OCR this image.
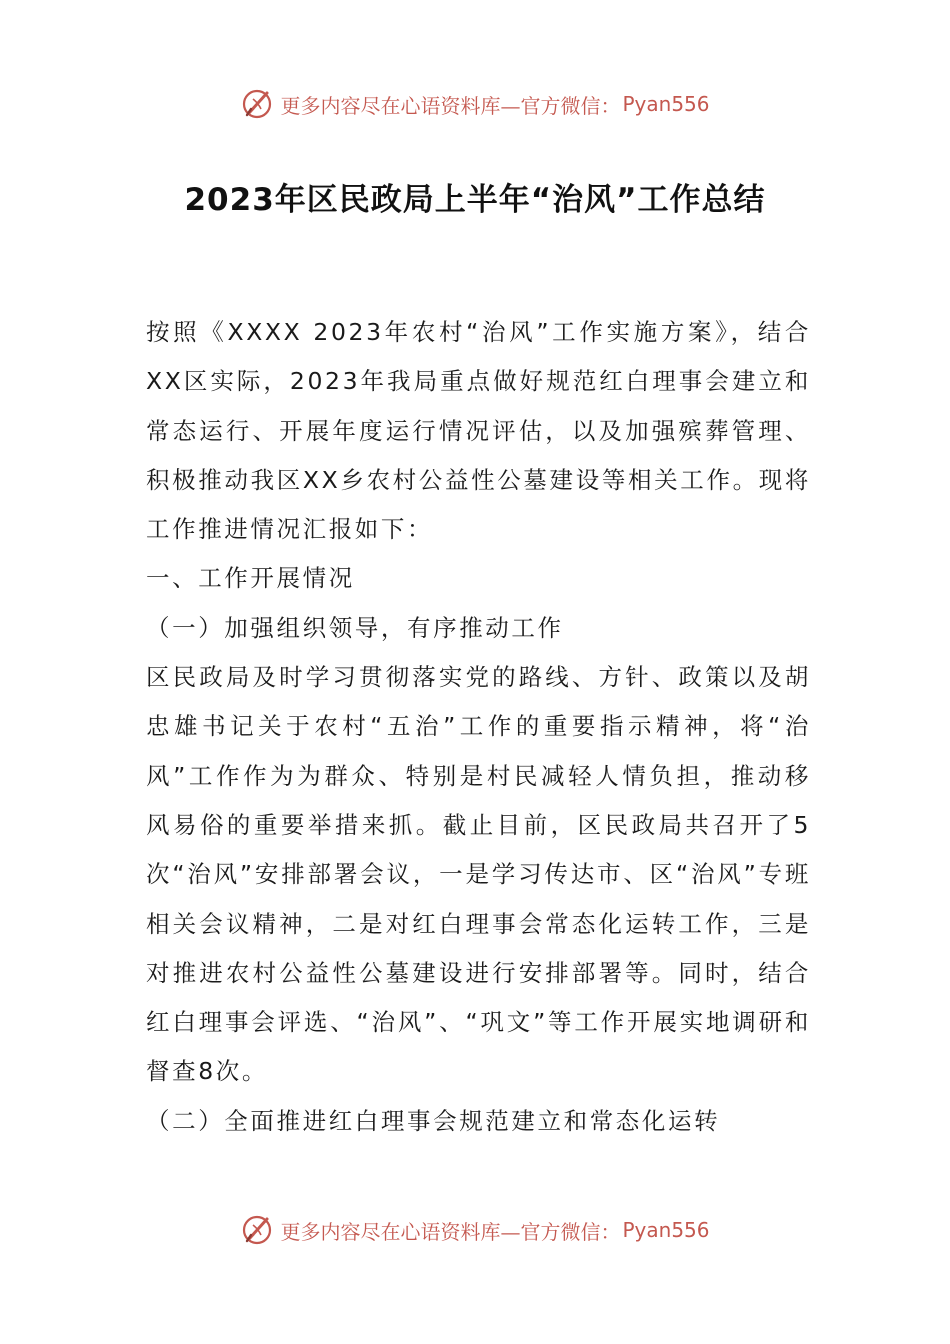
更多内容尽在心语资料库—官方微信： Pyan556
2023年区民政局上半年“治风”工作总结

按照《XXXX 2023年农村“治风”工作实施方案》，结合XX区实际，2023年我局重点做好规范红白理事会建立和常态运行、开展年度运行情况评估，以及加强殡葬管理、积极推动我区XX乡农村公益性公墓建设等相关工作。现将工作推进情况汇报如下：

一、工作开展情况

（一）加强组织领导，有序推动工作

区民政局及时学习贯彻落实党的路线、方针、政策以及胡忠雄书记关于农村“五治”工作的重要指示精神，将“治风”工作作为为群众、特别是村民减轻人情负担，推动移风易俗的重要举措来抓。截止目前，区民政局共召开了5次“治风”安排部署会议，一是学习传达市、区“治风”专班相关会议精神，二是对红白理事会常态化运转工作，三是对推进农村公益性公墓建设进行安排部署等。同时，结合红白理事会评选、“治风”、“巩文”等工作开展实地调研和督查8次。

（二）全面推进红白理事会规范建立和常态化运转

更多内容尽在心语资料库—官方微信： Pyan556
